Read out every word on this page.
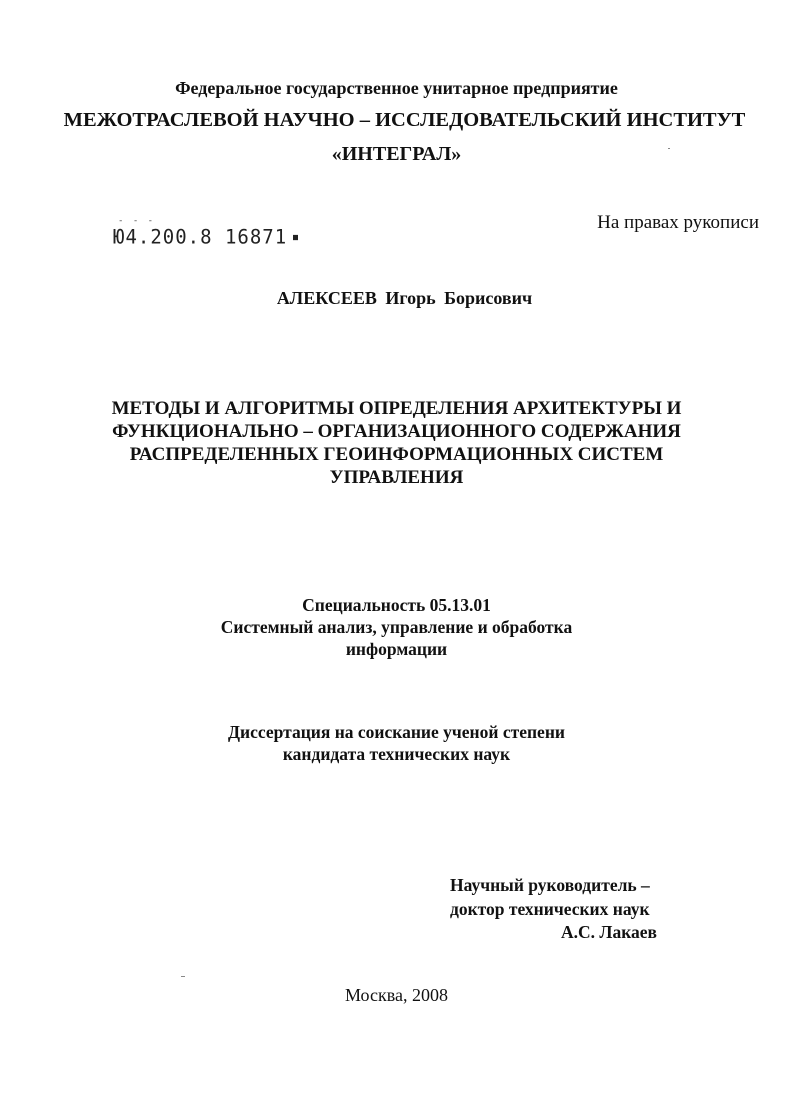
Федеральное государственное унитарное предприятие
МЕЖОТРАСЛЕВОЙ НАУЧНО – ИССЛЕДОВАТЕЛЬСКИЙ ИНСТИТУТ
«ИНТЕГРАЛ»
- - -
Ю4.200.8 16871
На правах рукописи
АЛЕКСЕЕВ Игорь Борисович
МЕТОДЫ И АЛГОРИТМЫ ОПРЕДЕЛЕНИЯ АРХИТЕКТУРЫ И
ФУНКЦИОНАЛЬНО – ОРГАНИЗАЦИОННОГО СОДЕРЖАНИЯ
РАСПРЕДЕЛЕННЫХ ГЕОИНФОРМАЦИОННЫХ СИСТЕМ
УПРАВЛЕНИЯ
Специальность 05.13.01
Системный анализ, управление и обработка
информации
Диссертация на соискание ученой степени
кандидата технических наук
Научный руководитель –
доктор технических наук
А.С. Лакаев
Москва, 2008
